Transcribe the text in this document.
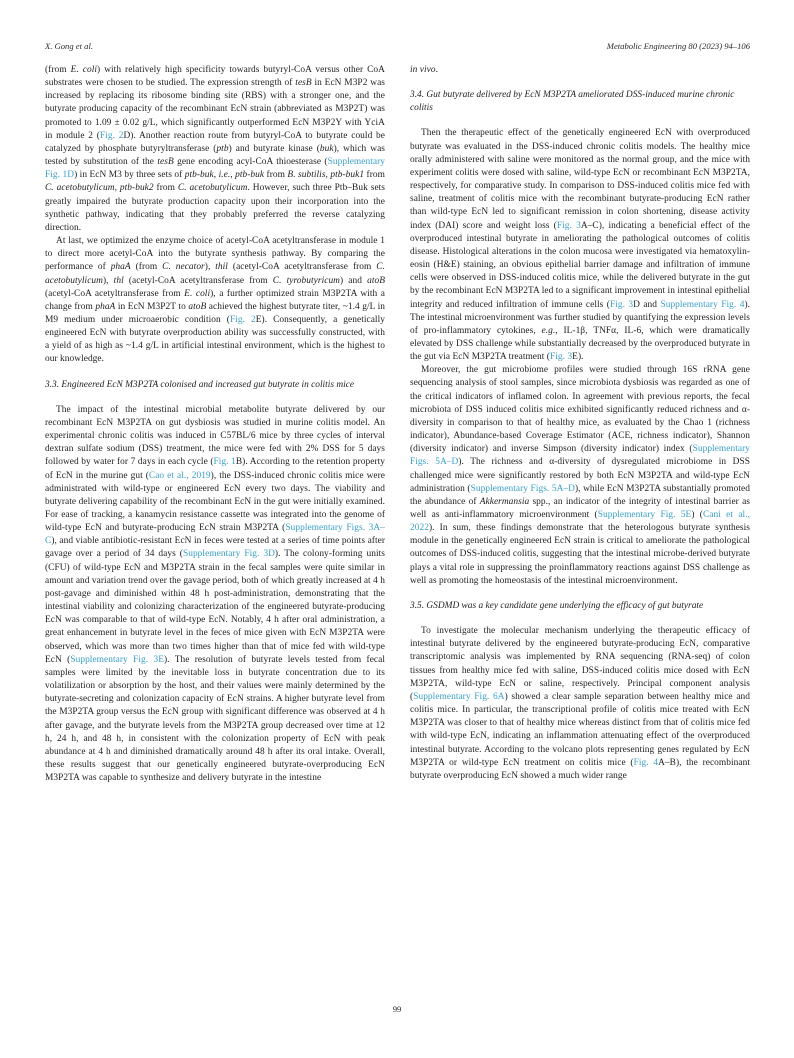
X. Gong et al.	Metabolic Engineering 80 (2023) 94–106

(from E. coli) with relatively high specificity towards butyryl-CoA versus other CoA substrates were chosen to be studied. The expression strength of tesB in EcN M3P2 was increased by replacing its ribosome binding site (RBS) with a stronger one, and the butyrate producing capacity of the recombinant EcN strain (abbreviated as M3P2T) was promoted to 1.09 ± 0.02 g/L, which significantly outperformed EcN M3P2Y with YciA in module 2 (Fig. 2D). Another reaction route from butyryl-CoA to butyrate could be catalyzed by phosphate butyryltransferase (ptb) and butyrate kinase (buk), which was tested by substitution of the tesB gene encoding acyl-CoA thioesterase (Supplementary Fig. 1D) in EcN M3 by three sets of ptb-buk, i.e., ptb-buk from B. subtilis, ptb-buk1 from C. acetobutylicum, ptb-buk2 from C. acetobutylicum. However, such three Ptb–Buk sets greatly impaired the butyrate production capacity upon their incorporation into the synthetic pathway, indicating that they probably preferred the reverse catalyzing direction.

At last, we optimized the enzyme choice of acetyl-CoA acetyltransferase in module 1 to direct more acetyl-CoA into the butyrate synthesis pathway. By comparing the performance of phaA (from C. necator), thil (acetyl-CoA acetyltransferase from C. acetobutylicum), thl (acetyl-CoA acetyltransferase from C. tyrobutyricum) and atoB (acetyl-CoA acetyltransferase from E. coli), a further optimized strain M3P2TA with a change from phaA in EcN M3P2T to atoB achieved the highest butyrate titer, ~1.4 g/L in M9 medium under microaerobic condition (Fig. 2E). Consequently, a genetically engineered EcN with butyrate overproduction ability was successfully constructed, with a yield of as high as ~1.4 g/L in artificial intestinal environment, which is the highest to our knowledge.

3.3. Engineered EcN M3P2TA colonised and increased gut butyrate in colitis mice

The impact of the intestinal microbial metabolite butyrate delivered by our recombinant EcN M3P2TA on gut dysbiosis was studied in murine colitis model. An experimental chronic colitis was induced in C57BL/6 mice by three cycles of interval dextran sulfate sodium (DSS) treatment, the mice were fed with 2% DSS for 5 days followed by water for 7 days in each cycle (Fig. 1B). According to the retention property of EcN in the murine gut (Cao et al., 2019), the DSS-induced chronic colitis mice were administrated with wild-type or engineered EcN every two days. The viability and butyrate delivering capability of the recombinant EcN in the gut were initially examined. For ease of tracking, a kanamycin resistance cassette was integrated into the genome of wild-type EcN and butyrate-producing EcN strain M3P2TA (Supplementary Figs. 3A–C), and viable antibiotic-resistant EcN in feces were tested at a series of time points after gavage over a period of 34 days (Supplementary Fig. 3D). The colony-forming units (CFU) of wild-type EcN and M3P2TA strain in the fecal samples were quite similar in amount and variation trend over the gavage period, both of which greatly increased at 4 h post-gavage and diminished within 48 h post-administration, demonstrating that the intestinal viability and colonizing characterization of the engineered butyrate-producing EcN was comparable to that of wild-type EcN. Notably, 4 h after oral administration, a great enhancement in butyrate level in the feces of mice given with EcN M3P2TA were observed, which was more than two times higher than that of mice fed with wild-type EcN (Supplementary Fig. 3E). The resolution of butyrate levels tested from fecal samples were limited by the inevitable loss in butyrate concentration due to its volatilization or absorption by the host, and their values were mainly determined by the butyrate-secreting and colonization capacity of EcN strains. A higher butyrate level from the M3P2TA group versus the EcN group with significant difference was observed at 4 h after gavage, and the butyrate levels from the M3P2TA group decreased over time at 12 h, 24 h, and 48 h, in consistent with the colonization property of EcN with peak abundance at 4 h and diminished dramatically around 48 h after its oral intake. Overall, these results suggest that our genetically engineered butyrate-overproducing EcN M3P2TA was capable to synthesize and delivery butyrate in the intestine

in vivo.

3.4. Gut butyrate delivered by EcN M3P2TA ameliorated DSS-induced murine chronic colitis

Then the therapeutic effect of the genetically engineered EcN with overproduced butyrate was evaluated in the DSS-induced chronic colitis models. The healthy mice orally administered with saline were monitored as the normal group, and the mice with experiment colitis were dosed with saline, wild-type EcN or recombinant EcN M3P2TA, respectively, for comparative study. In comparison to DSS-induced colitis mice fed with saline, treatment of colitis mice with the recombinant butyrate-producing EcN rather than wild-type EcN led to significant remission in colon shortening, disease activity index (DAI) score and weight loss (Fig. 3A–C), indicating a beneficial effect of the overproduced intestinal butyrate in ameliorating the pathological outcomes of colitis disease. Histological alterations in the colon mucosa were investigated via hematoxylin-eosin (H&E) staining, an obvious epithelial barrier damage and infiltration of immune cells were observed in DSS-induced colitis mice, while the delivered butyrate in the gut by the recombinant EcN M3P2TA led to a significant improvement in intestinal epithelial integrity and reduced infiltration of immune cells (Fig. 3D and Supplementary Fig. 4). The intestinal microenvironment was further studied by quantifying the expression levels of pro-inflammatory cytokines, e.g., IL-1β, TNFα, IL-6, which were dramatically elevated by DSS challenge while substantially decreased by the overproduced butyrate in the gut via EcN M3P2TA treatment (Fig. 3E).

Moreover, the gut microbiome profiles were studied through 16S rRNA gene sequencing analysis of stool samples, since microbiota dysbiosis was regarded as one of the critical indicators of inflamed colon. In agreement with previous reports, the fecal microbiota of DSS induced colitis mice exhibited significantly reduced richness and α-diversity in comparison to that of healthy mice, as evaluated by the Chao 1 (richness indicator), Abundance-based Coverage Estimator (ACE, richness indicator), Shannon (diversity indicator) and inverse Simpson (diversity indicator) index (Supplementary Figs. 5A–D). The richness and α-diversity of dysregulated microbiome in DSS challenged mice were significantly restored by both EcN M3P2TA and wild-type EcN administration (Supplementary Figs. 5A–D), while EcN M3P2TA substantially promoted the abundance of Akkermansia spp., an indicator of the integrity of intestinal barrier as well as anti-inflammatory microenvironment (Supplementary Fig. 5E) (Cani et al., 2022). In sum, these findings demonstrate that the heterologous butyrate synthesis module in the genetically engineered EcN strain is critical to ameliorate the pathological outcomes of DSS-induced colitis, suggesting that the intestinal microbe-derived butyrate plays a vital role in suppressing the proinflammatory reactions against DSS challenge as well as promoting the homeostasis of the intestinal microenvironment.

3.5. GSDMD was a key candidate gene underlying the efficacy of gut butyrate

To investigate the molecular mechanism underlying the therapeutic efficacy of intestinal butyrate delivered by the engineered butyrate-producing EcN, comparative transcriptomic analysis was implemented by RNA sequencing (RNA-seq) of colon tissues from healthy mice fed with saline, DSS-induced colitis mice dosed with EcN M3P2TA, wild-type EcN or saline, respectively. Principal component analysis (Supplementary Fig. 6A) showed a clear sample separation between healthy mice and colitis mice. In particular, the transcriptional profile of colitis mice treated with EcN M3P2TA was closer to that of healthy mice whereas distinct from that of colitis mice fed with wild-type EcN, indicating an inflammation attenuating effect of the overproduced intestinal butyrate. According to the volcano plots representing genes regulated by EcN M3P2TA or wild-type EcN treatment on colitis mice (Fig. 4A–B), the recombinant butyrate overproducing EcN showed a much wider range

99
